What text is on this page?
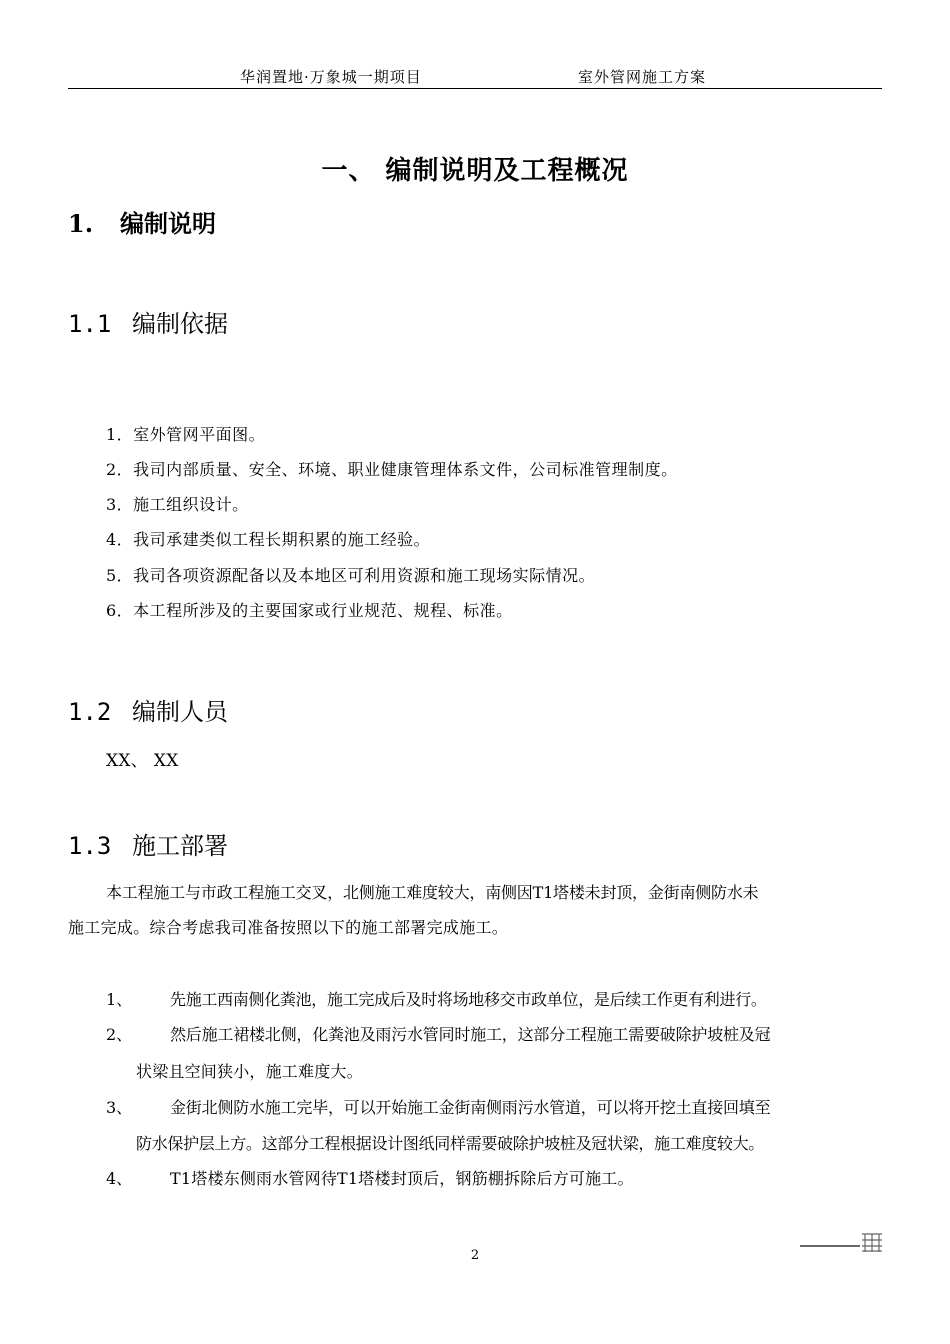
华润置地·万象城一期项目	室外管网施工方案
一、 编制说明及工程概况
1. 编制说明
1.1 编制依据
1．室外管网平面图。
2．我司内部质量、安全、环境、职业健康管理体系文件，公司标准管理制度。
3．施工组织设计。
4．我司承建类似工程长期积累的施工经验。
5．我司各项资源配备以及本地区可利用资源和施工现场实际情况。
6．本工程所涉及的主要国家或行业规范、规程、标准。
1.2 编制人员
XX、 XX
1.3 施工部署
本工程施工与市政工程施工交叉，北侧施工难度较大，南侧因T1塔楼未封顶，金街南侧防水未
施工完成。综合考虑我司准备按照以下的施工部署完成施工。
1、 先施工西南侧化粪池，施工完成后及时将场地移交市政单位，是后续工作更有利进行。
2、 然后施工裙楼北侧，化粪池及雨污水管同时施工，这部分工程施工需要破除护坡桩及冠
状梁且空间狭小，施工难度大。
3、 金街北侧防水施工完毕，可以开始施工金街南侧雨污水管道，可以将开挖土直接回填至
防水保护层上方。这部分工程根据设计图纸同样需要破除护坡桩及冠状梁，施工难度较大。
4、 T1塔楼东侧雨水管网待T1塔楼封顶后，钢筋棚拆除后方可施工。
2
